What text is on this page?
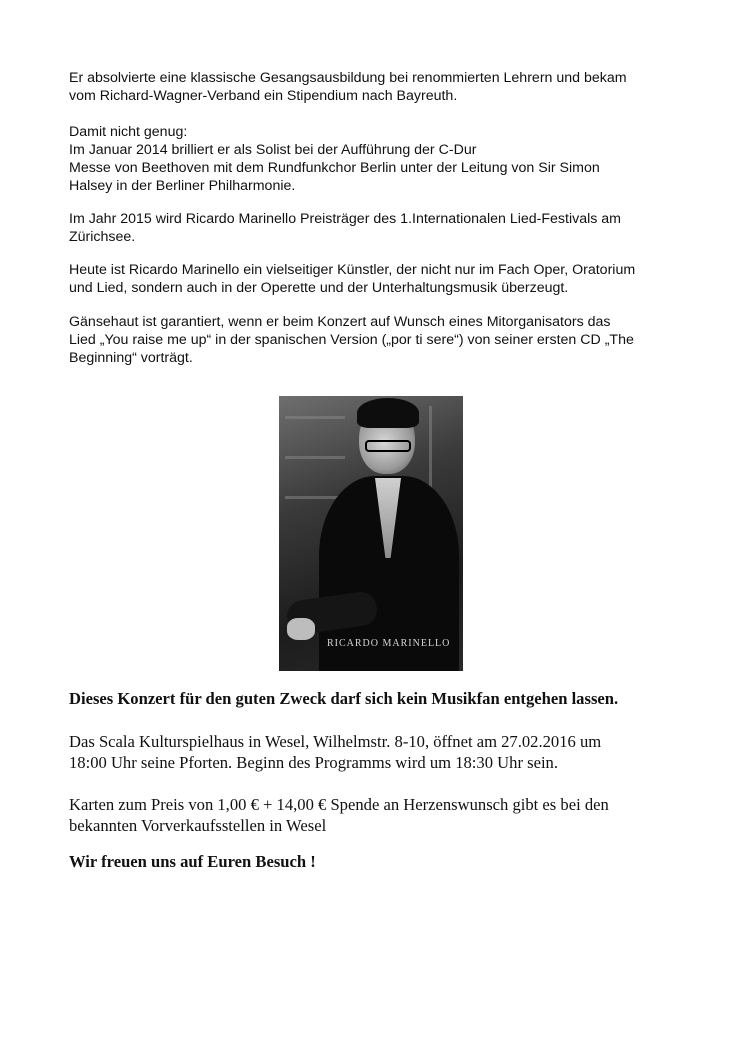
Er absolvierte eine klassische Gesangsausbildung bei renommierten Lehrern und bekam
vom Richard-Wagner-Verband ein Stipendium nach Bayreuth.

Damit nicht genug:
Im Januar 2014 brilliert er als Solist bei der Aufführung der C-Dur
Messe von Beethoven mit dem Rundfunkchor Berlin unter der Leitung von Sir Simon
Halsey in der Berliner Philharmonie.

Im Jahr 2015 wird Ricardo Marinello Preisträger des 1.Internationalen Lied-Festivals am
Zürichsee.

Heute ist Ricardo Marinello ein vielseitiger Künstler, der nicht nur im Fach Oper, Oratorium
und Lied, sondern auch in der Operette und der Unterhaltungsmusik überzeugt.

Gänsehaut ist garantiert, wenn er beim Konzert auf Wunsch eines Mitorganisators das
Lied „You raise me up“ in der spanischen Version („por ti sere“) von seiner ersten CD „The
Beginning“ vorträgt.

RICARDO MARINELLO

Dieses Konzert für den guten Zweck darf sich kein Musikfan entgehen lassen.

Das Scala Kulturspielhaus in Wesel, Wilhelmstr. 8-10, öffnet am 27.02.2016 um
18:00 Uhr seine Pforten. Beginn des Programms wird um 18:30 Uhr sein.

Karten zum Preis von 1,00 € + 14,00 € Spende an Herzenswunsch gibt es bei den
bekannten Vorverkaufsstellen in Wesel

Wir freuen uns auf Euren Besuch !
